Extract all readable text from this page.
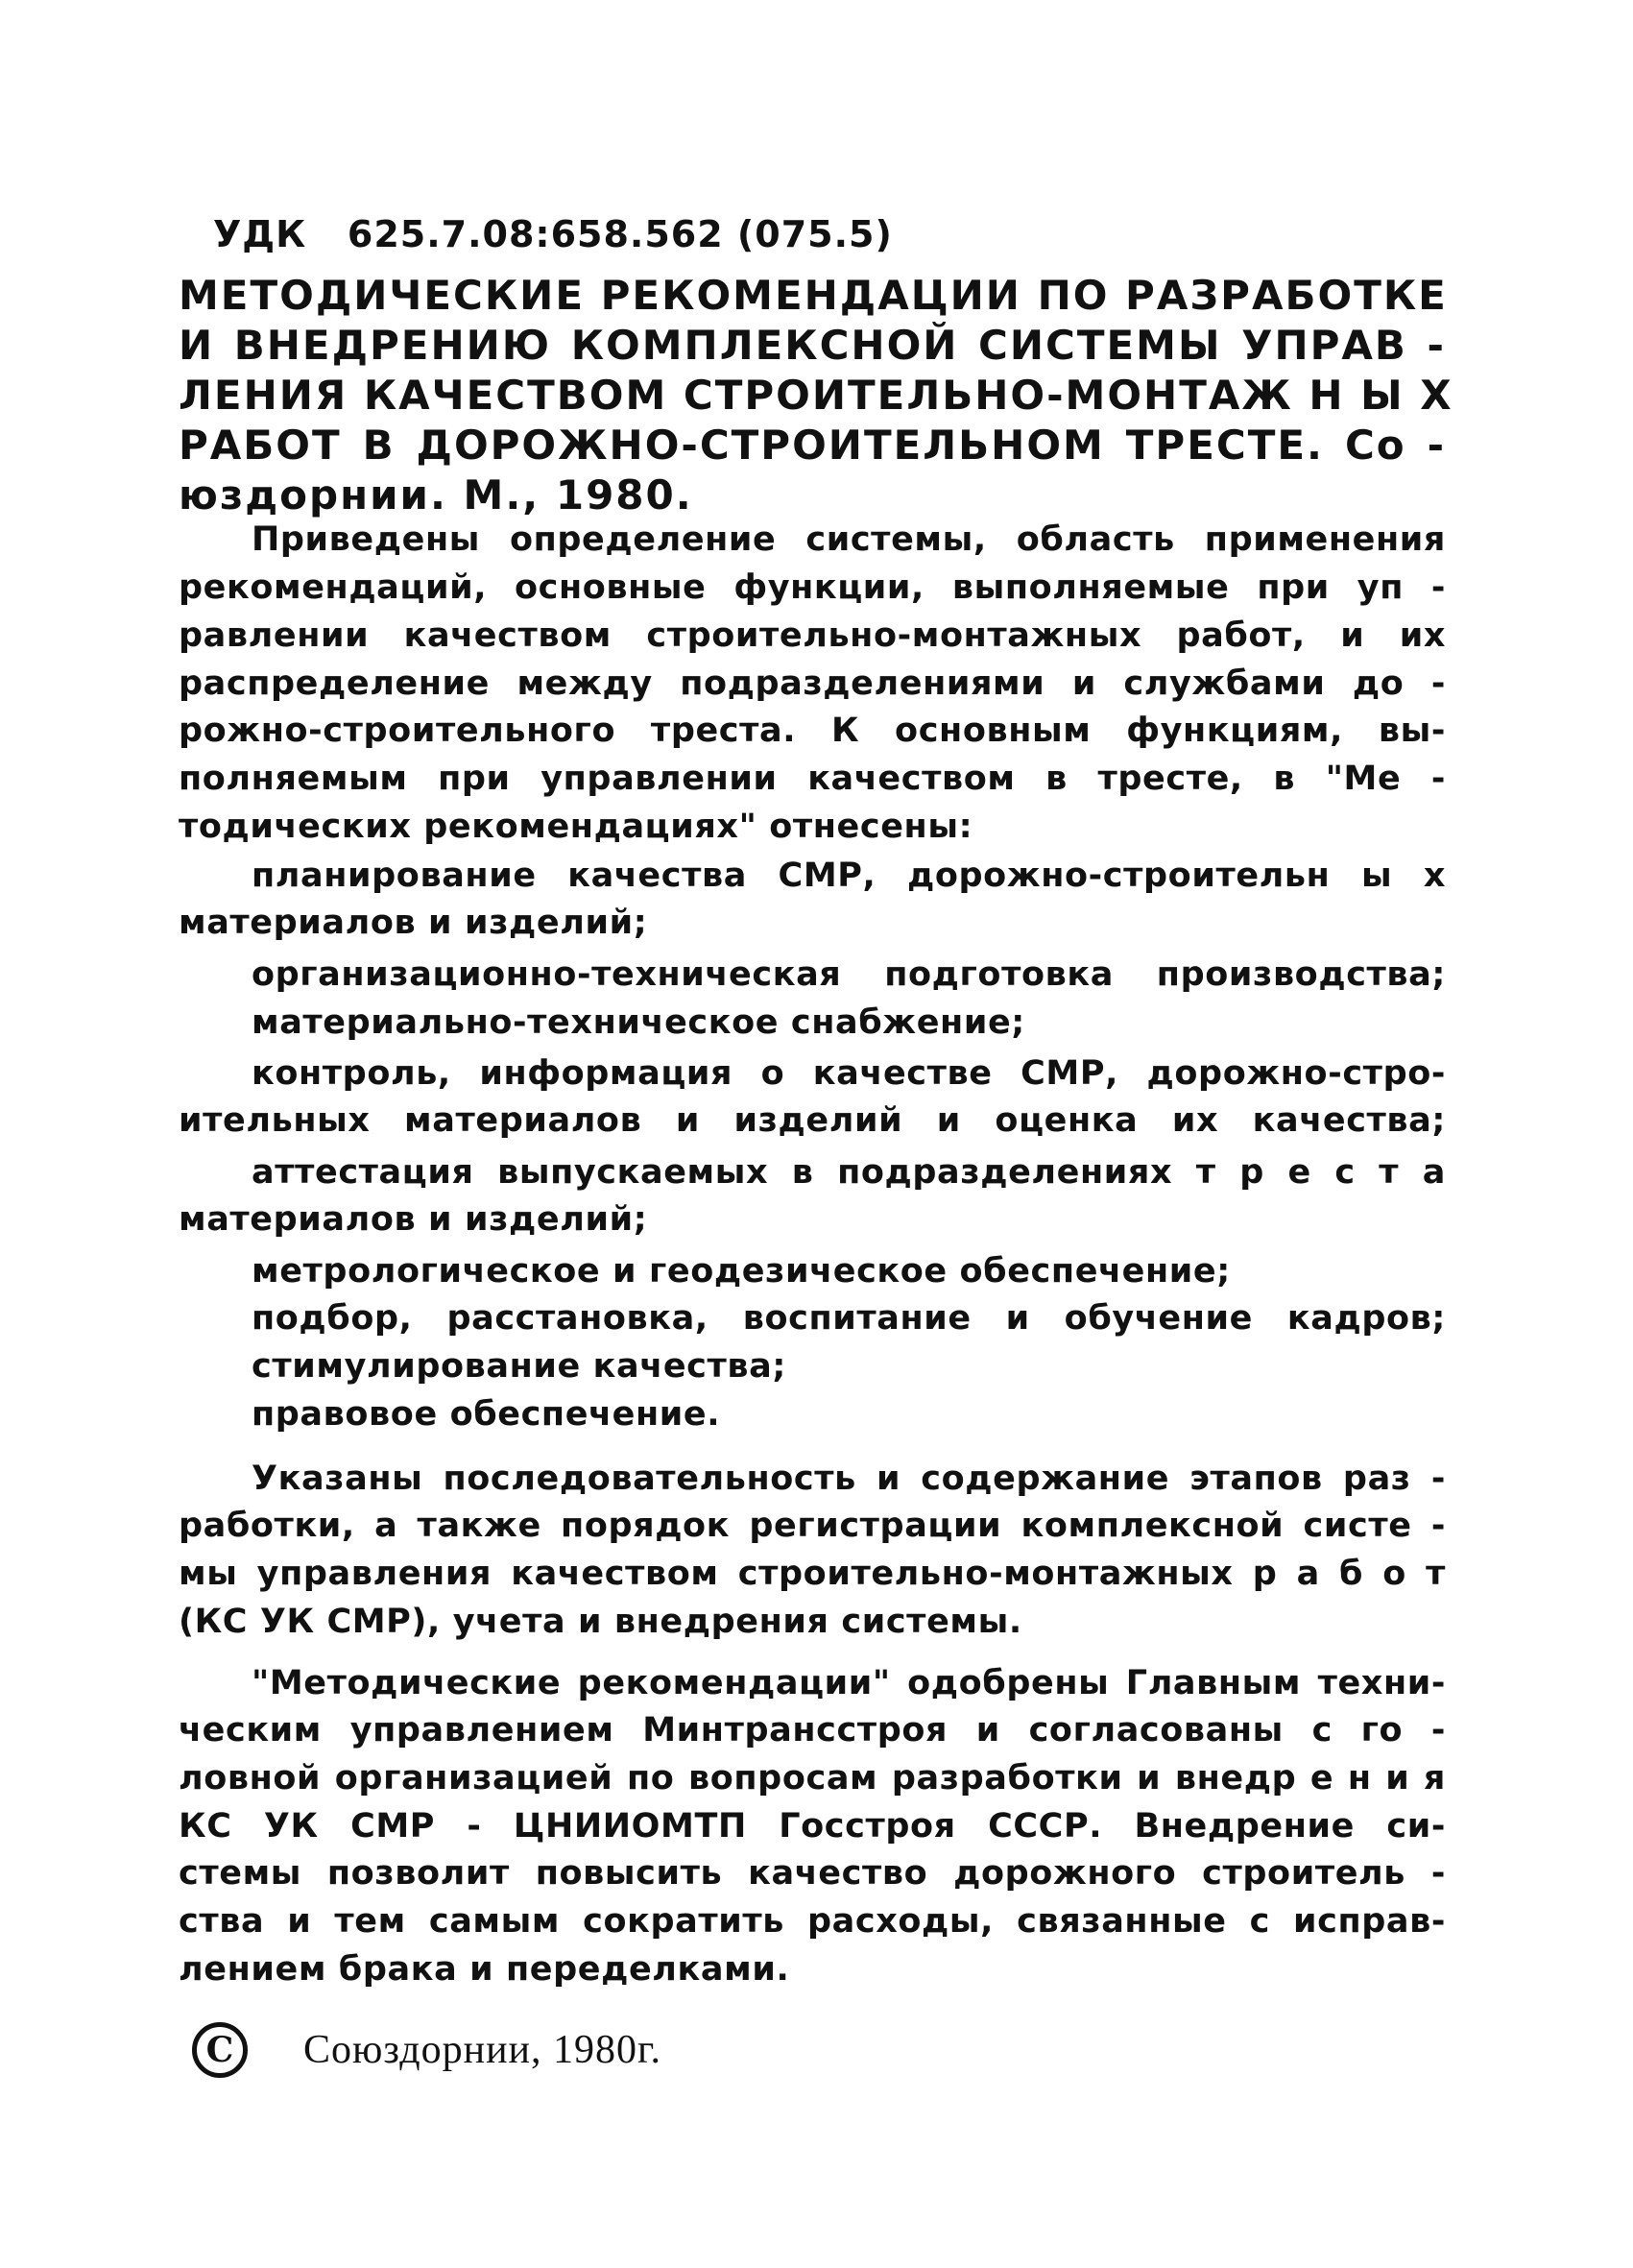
УДК   625.7.08:658.562 (075.5)
МЕТОДИЧЕСКИЕ РЕКОМЕНДАЦИИ ПО РАЗРАБОТКЕ
И ВНЕДРЕНИЮ КОМПЛЕКСНОЙ СИСТЕМЫ УПРАВ -
ЛЕНИЯ КАЧЕСТВОМ СТРОИТЕЛЬНО-МОНТАЖ Н Ы Х
РАБОТ В ДОРОЖНО-СТРОИТЕЛЬНОМ ТРЕСТЕ. Со -
юздорнии. М., 1980.
Приведены определение системы, область применения
рекомендаций, основные функции, выполняемые при уп -
равлении качеством строительно-монтажных работ, и их
распределение между подразделениями и службами до -
рожно-строительного треста. К основным функциям, вы-
полняемым при управлении качеством в тресте, в "Ме -
тодических рекомендациях" отнесены:
планирование качества СМР, дорожно-строительн ы х
материалов и изделий;
организационно-техническая подготовка производства;
материально-техническое снабжение;
контроль, информация о качестве СМР, дорожно-стро-
ительных материалов и изделий и оценка их качества;
аттестация выпускаемых в подразделениях т р е с т а
материалов и изделий;
метрологическое и геодезическое обеспечение;
подбор, расстановка, воспитание и обучение кадров;
стимулирование качества;
правовое обеспечение.
Указаны последовательность и содержание этапов раз -
работки, а также порядок регистрации комплексной систе -
мы управления качеством строительно-монтажных р а б о т
(КС УК СМР), учета и внедрения системы.
"Методические рекомендации" одобрены Главным техни-
ческим управлением Минтрансстроя и согласованы с го -
ловной организацией по вопросам разработки и внедр е н и я
КС УК СМР - ЦНИИОМТП Госстроя СССР. Внедрение си-
стемы позволит повысить качество дорожного строитель -
ства и тем самым сократить расходы, связанные с исправ-
лением брака и переделками.
C	Союздорнии, 1980г.
